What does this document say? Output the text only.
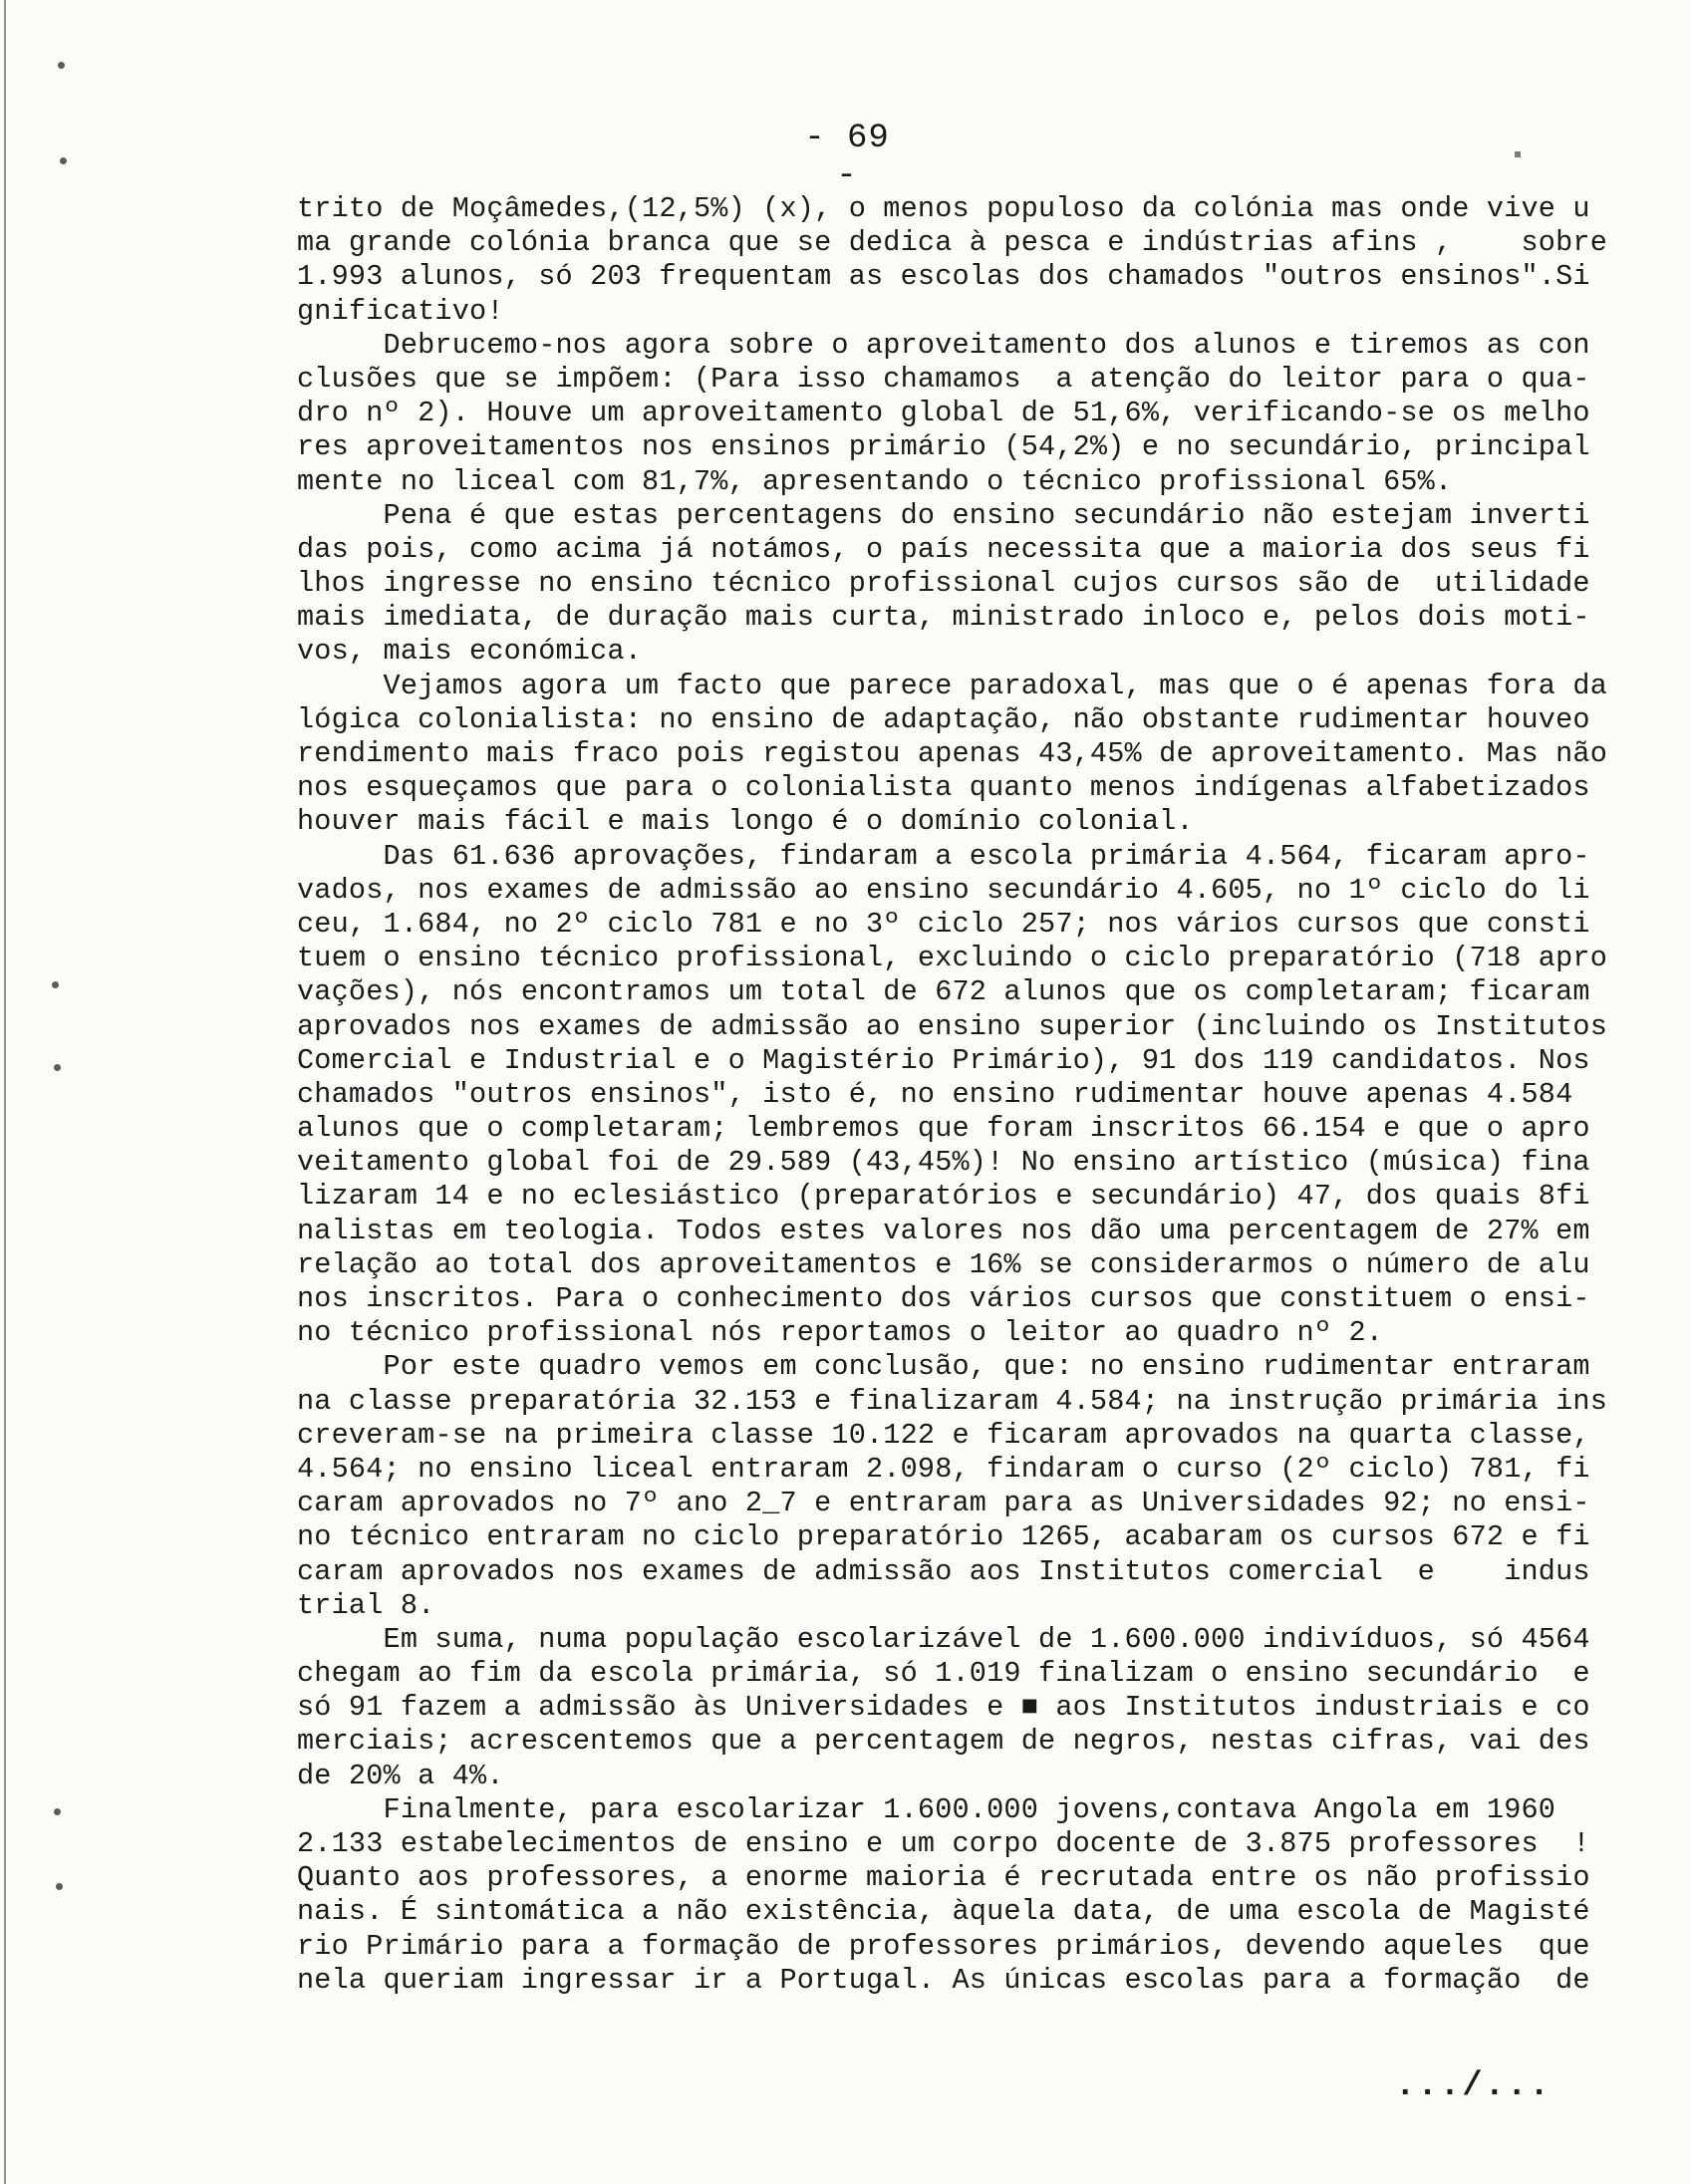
- 69 -
trito de Moçâmedes,(12,5%) (x), o menos populoso da colónia mas onde vive u
ma grande colónia branca que se dedica à pesca e indústrias afins ,    sobre
1.993 alunos, só 203 frequentam as escolas dos chamados "outros ensinos".Si
gnificativo!
Debrucemo-nos agora sobre o aproveitamento dos alunos e tiremos as con
clusões que se impõem: (Para isso chamamos  a atenção do leitor para o qua-
dro nº 2). Houve um aproveitamento global de 51,6%, verificando-se os melho
res aproveitamentos nos ensinos primário (54,2%) e no secundário, principal
mente no liceal com 81,7%, apresentando o técnico profissional 65%.
Pena é que estas percentagens do ensino secundário não estejam inverti
das pois, como acima já notámos, o país necessita que a maioria dos seus fi
lhos ingresse no ensino técnico profissional cujos cursos são de  utilidade
mais imediata, de duração mais curta, ministrado inloco e, pelos dois moti-
vos, mais económica.
Vejamos agora um facto que parece paradoxal, mas que o é apenas fora da
lógica colonialista: no ensino de adaptação, não obstante rudimentar houveo
rendimento mais fraco pois registou apenas 43,45% de aproveitamento. Mas não
nos esqueçamos que para o colonialista quanto menos indígenas alfabetizados
houver mais fácil e mais longo é o domínio colonial.
Das 61.636 aprovações, findaram a escola primária 4.564, ficaram apro-
vados, nos exames de admissão ao ensino secundário 4.605, no 1º ciclo do li
ceu, 1.684, no 2º ciclo 781 e no 3º ciclo 257; nos vários cursos que consti
tuem o ensino técnico profissional, excluindo o ciclo preparatório (718 apro
vações), nós encontramos um total de 672 alunos que os completaram; ficaram
aprovados nos exames de admissão ao ensino superior (incluindo os Institutos
Comercial e Industrial e o Magistério Primário), 91 dos 119 candidatos. Nos
chamados "outros ensinos", isto é, no ensino rudimentar houve apenas 4.584
alunos que o completaram; lembremos que foram inscritos 66.154 e que o apro
veitamento global foi de 29.589 (43,45%)! No ensino artístico (música) fina
lizaram 14 e no eclesiástico (preparatórios e secundário) 47, dos quais 8fi
nalistas em teologia. Todos estes valores nos dão uma percentagem de 27% em
relação ao total dos aproveitamentos e 16% se considerarmos o número de alu
nos inscritos. Para o conhecimento dos vários cursos que constituem o ensi-
no técnico profissional nós reportamos o leitor ao quadro nº 2.
Por este quadro vemos em conclusão, que: no ensino rudimentar entraram
na classe preparatória 32.153 e finalizaram 4.584; na instrução primária ins
creveram-se na primeira classe 10.122 e ficaram aprovados na quarta classe,
4.564; no ensino liceal entraram 2.098, findaram o curso (2º ciclo) 781, fi
caram aprovados no 7º ano 2_7 e entraram para as Universidades 92; no ensi-
no técnico entraram no ciclo preparatório 1265, acabaram os cursos 672 e fi
caram aprovados nos exames de admissão aos Institutos comercial  e    indus
trial 8.
Em suma, numa população escolarizável de 1.600.000 indivíduos, só 4564
chegam ao fim da escola primária, só 1.019 finalizam o ensino secundário  e
só 91 fazem a admissão às Universidades e ■ aos Institutos industriais e co
merciais; acrescentemos que a percentagem de negros, nestas cifras, vai des
de 20% a 4%.
Finalmente, para escolarizar 1.600.000 jovens,contava Angola em 1960
2.133 estabelecimentos de ensino e um corpo docente de 3.875 professores  !
Quanto aos professores, a enorme maioria é recrutada entre os não profissio
nais. É sintomática a não existência, àquela data, de uma escola de Magisté
rio Primário para a formação de professores primários, devendo aqueles  que
nela queriam ingressar ir a Portugal. As únicas escolas para a formação  de
.../...
